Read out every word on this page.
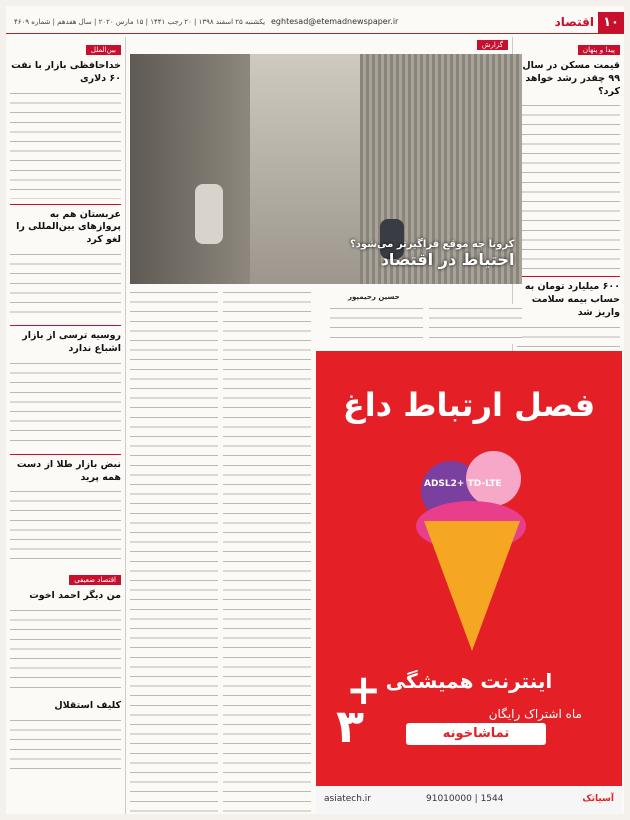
۱۰
اقتصاد
eghtesad@etemadnewspaper.ir
یکشنبه ۲۵ اسفند ۱۳۹۸ | ۲۰ رجب ۱۴۴۱ | ۱۵ مارس ۲۰۲۰ | سال هفدهم | شماره ۴۶۰۹
پیدا و پنهان
قیمت مسکن در سال ۹۹ چقدر رشد خواهد کرد؟
۶۰۰ میلیارد تومان به حساب بیمه سلامت واریز شد
بین‌الملل
خداحافظی بازار با نفت ۶۰ دلاری
عربستان هم به پروازهای بین‌المللی را لغو کرد
روسیه ترسی از بازار اشباع ندارد
نبض بازار طلا از دست همه پرید
اقتصاد ضعیفی
من دیگر احمد اخوت
کلیف استقلال
گزارش
کرونا چه موقع فراگیرتر می‌شود؟
احتیاط در اقتصاد
حسین رحیمپور
فصل ارتباط داغ
ADSL2+ TD-LTE
اینترنت همیشگی
+
۳	ماه اشتراک رایگان
تماشاخونه
asiatech.ir	91010000 | 1544	آسیاتک
